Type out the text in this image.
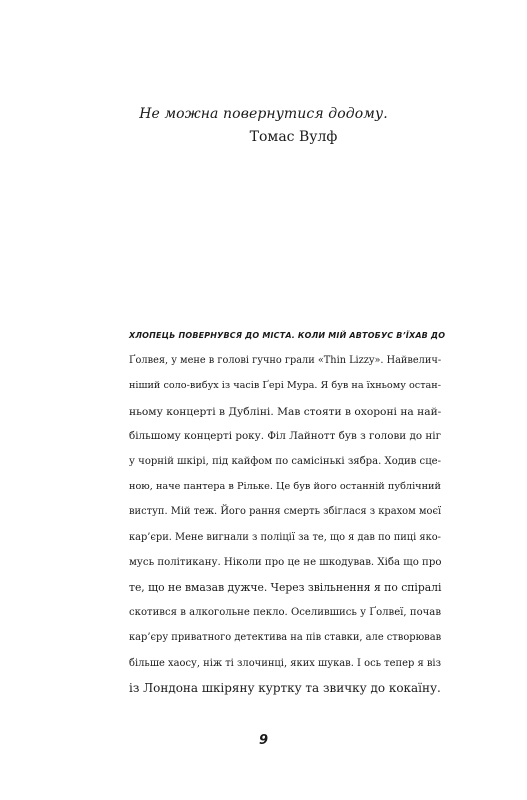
Не можна повернутися додому.
Томас Вулф
ХЛОПЕЦЬ ПОВЕРНУВСЯ ДО МІСТА. КОЛИ МІЙ АВТОБУС В’ЇХАВ ДО
Ґолвея, у мене в голові гучно грали «Thin Lizzy». Найвелич-
ніший соло-вибух із часів Ґері Мура. Я був на їхньому остан-
ньому концерті в Дубліні. Мав стояти в охороні на най-
більшому концерті року. Філ Лайнотт був з голови до ніг
у чорній шкірі, під кайфом по самісінькі зябра. Ходив сце-
ною, наче пантера в Рільке. Це був його останній публічний
виступ. Мій теж. Його рання смерть збіглася з крахом моєї
кар’єри. Мене вигнали з поліції за те, що я дав по пиці яко-
мусь політикану. Ніколи про це не шкодував. Хіба що про
те, що не вмазав дужче. Через звільнення я по спіралі
скотився в алкогольне пекло. Оселившись у Ґолвеї, почав
кар’єру приватного детектива на пів ставки, але створював
більше хаосу, ніж ті злочинці, яких шукав. І ось тепер я віз
із Лондона шкіряну куртку та звичку до кокаїну.
9
